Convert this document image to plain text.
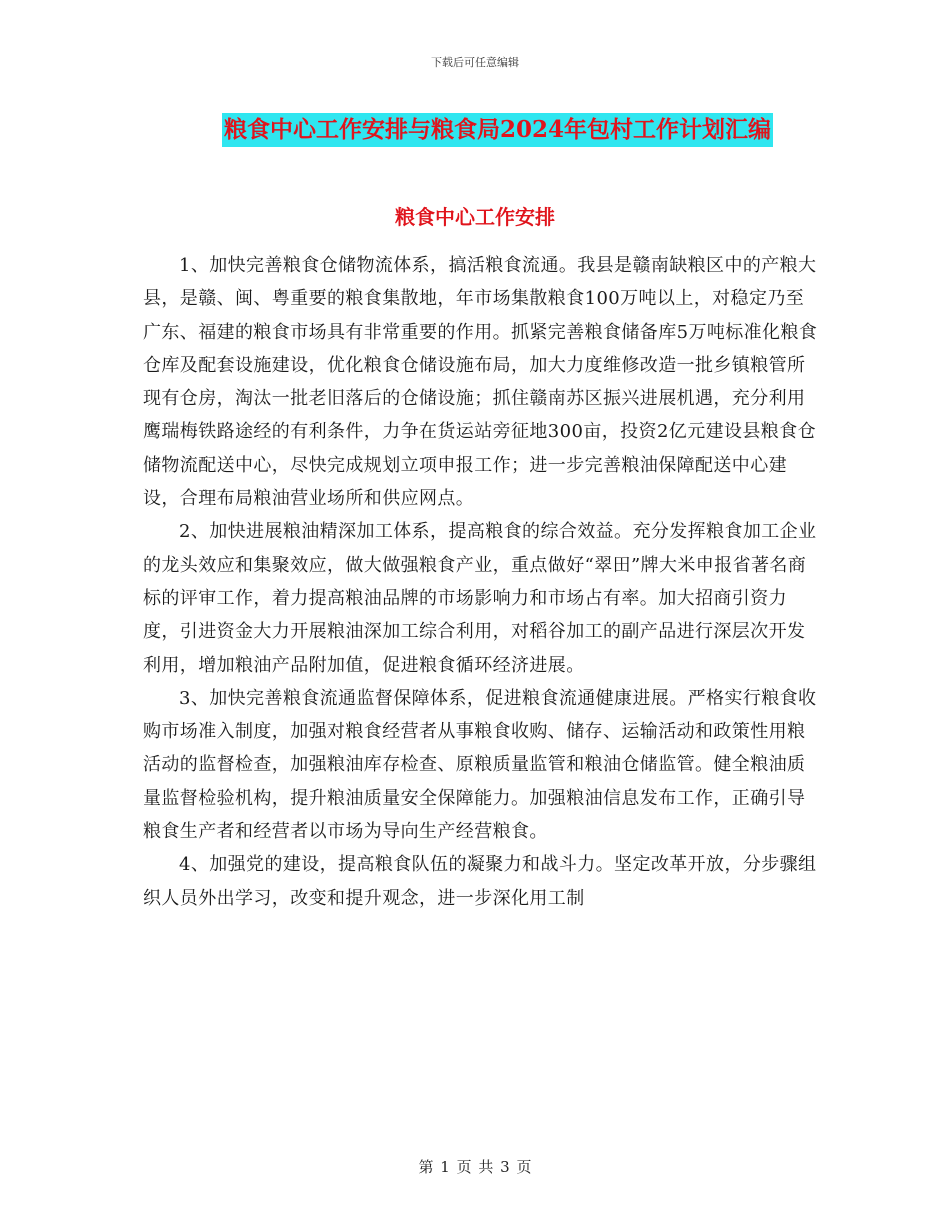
下载后可任意编辑
粮食中心工作安排与粮食局2024年包村工作计划汇编
粮食中心工作安排

1、加快完善粮食仓储物流体系，搞活粮食流通。我县是赣南缺粮区中的产粮大县，是赣、闽、粤重要的粮食集散地，年市场集散粮食100万吨以上，对稳定乃至广东、福建的粮食市场具有非常重要的作用。抓紧完善粮食储备库5万吨标准化粮食仓库及配套设施建设，优化粮食仓储设施布局，加大力度维修改造一批乡镇粮管所现有仓房，淘汰一批老旧落后的仓储设施；抓住赣南苏区振兴进展机遇，充分利用鹰瑞梅铁路途经的有利条件，力争在货运站旁征地300亩，投资2亿元建设县粮食仓储物流配送中心，尽快完成规划立项申报工作；进一步完善粮油保障配送中心建设，合理布局粮油营业场所和供应网点。

2、加快进展粮油精深加工体系，提高粮食的综合效益。充分发挥粮食加工企业的龙头效应和集聚效应，做大做强粮食产业，重点做好“翠田”牌大米申报省著名商标的评审工作，着力提高粮油品牌的市场影响力和市场占有率。加大招商引资力度，引进资金大力开展粮油深加工综合利用，对稻谷加工的副产品进行深层次开发利用，增加粮油产品附加值，促进粮食循环经济进展。

3、加快完善粮食流通监督保障体系，促进粮食流通健康进展。严格实行粮食收购市场准入制度，加强对粮食经营者从事粮食收购、储存、运输活动和政策性用粮活动的监督检查，加强粮油库存检查、原粮质量监管和粮油仓储监管。健全粮油质量监督检验机构，提升粮油质量安全保障能力。加强粮油信息发布工作，正确引导粮食生产者和经营者以市场为导向生产经营粮食。

4、加强党的建设，提高粮食队伍的凝聚力和战斗力。坚定改革开放，分步骤组织人员外出学习，改变和提升观念，进一步深化用工制

第 1 页 共 3 页
